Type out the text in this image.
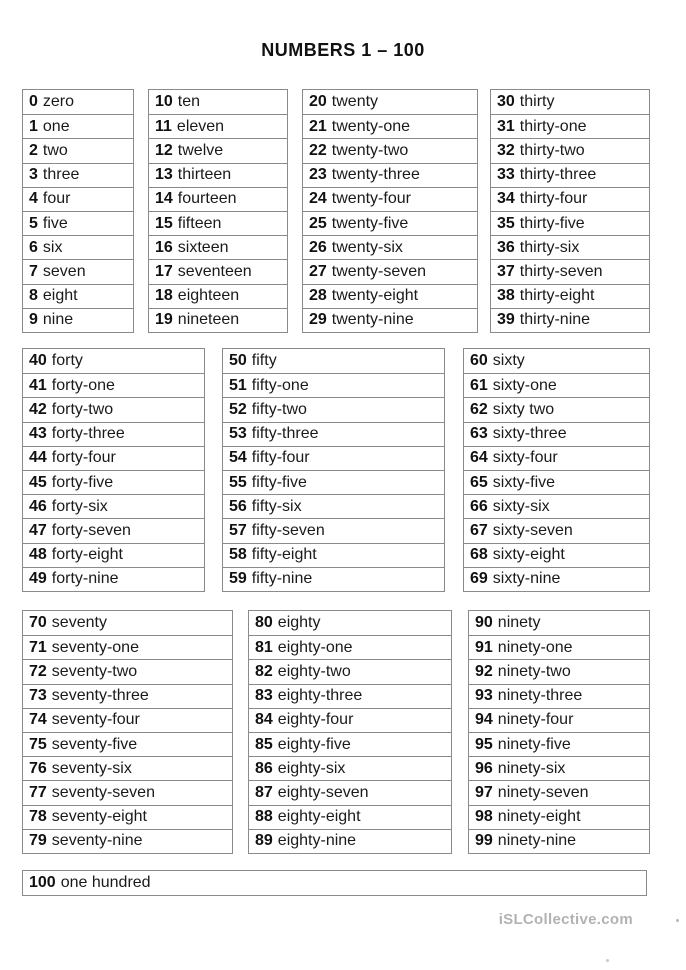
NUMBERS 1 – 100
0 zero
1 one
2 two
3 three
4 four
5 five
6 six
7 seven
8 eight
9 nine
10 ten
11 eleven
12 twelve
13 thirteen
14 fourteen
15 fifteen
16 sixteen
17 seventeen
18 eighteen
19 nineteen
20 twenty
21 twenty-one
22 twenty-two
23 twenty-three
24 twenty-four
25 twenty-five
26 twenty-six
27 twenty-seven
28 twenty-eight
29 twenty-nine
30 thirty
31 thirty-one
32 thirty-two
33 thirty-three
34 thirty-four
35 thirty-five
36 thirty-six
37 thirty-seven
38 thirty-eight
39 thirty-nine
40 forty
41 forty-one
42 forty-two
43 forty-three
44 forty-four
45 forty-five
46 forty-six
47 forty-seven
48 forty-eight
49 forty-nine
50 fifty
51 fifty-one
52 fifty-two
53 fifty-three
54 fifty-four
55 fifty-five
56 fifty-six
57 fifty-seven
58 fifty-eight
59 fifty-nine
60 sixty
61 sixty-one
62 sixty two
63 sixty-three
64 sixty-four
65 sixty-five
66 sixty-six
67 sixty-seven
68 sixty-eight
69 sixty-nine
70 seventy
71 seventy-one
72 seventy-two
73 seventy-three
74 seventy-four
75 seventy-five
76 seventy-six
77 seventy-seven
78 seventy-eight
79 seventy-nine
80 eighty
81 eighty-one
82 eighty-two
83 eighty-three
84 eighty-four
85 eighty-five
86 eighty-six
87 eighty-seven
88 eighty-eight
89 eighty-nine
90 ninety
91 ninety-one
92 ninety-two
93 ninety-three
94 ninety-four
95 ninety-five
96 ninety-six
97 ninety-seven
98 ninety-eight
99 ninety-nine
100 one hundred
iSLCollective.com
